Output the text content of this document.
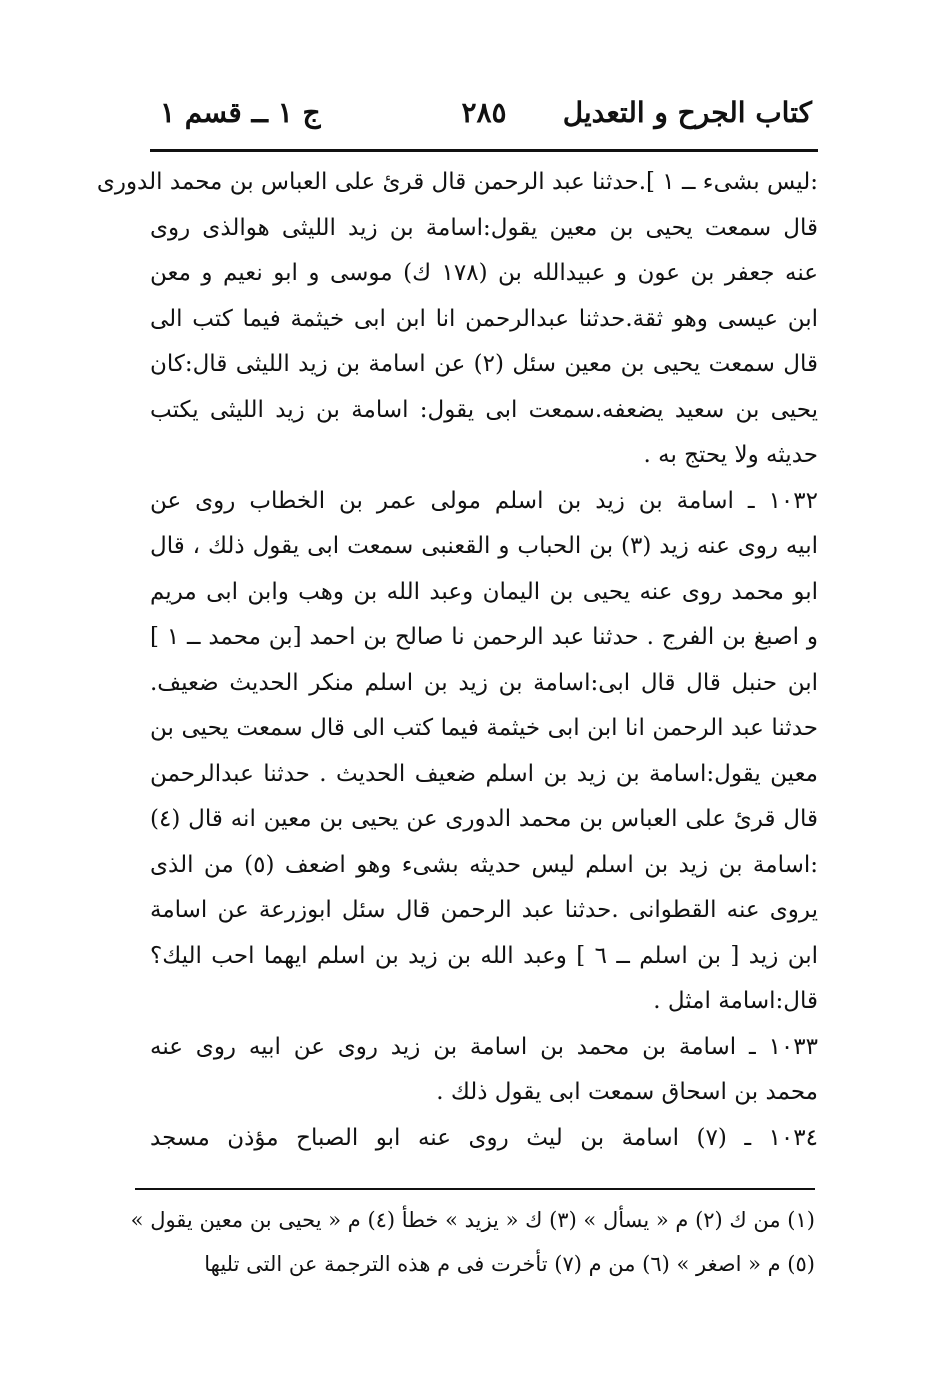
كتاب الجرح و التعديل
٢٨٥
ج ١ ــ قسم ١
:ليس بشىء ــ ١ ].حدثنا عبد الرحمن قال قرئ على العباس بن محمد الدورى
قال سمعت يحيى بن معين يقول:اسامة بن زيد الليثى هوالذى روى
عنه جعفر بن عون و عبيدالله بن (١٧٨ ك) موسى و ابو نعيم و معن
ابن عيسى وهو ثقة.حدثنا عبدالرحمن انا ابن ابى خيثمة فيما كتب الى
قال سمعت يحيى بن معين سئل (٢) عن اسامة بن زيد الليثى قال:كان
يحيى بن سعيد يضعفه.سمعت ابى يقول: اسامة بن زيد الليثى يكتب
حديثه ولا يحتج به .
١٠٣٢ ـ اسامة بن زيد بن اسلم مولى عمر بن الخطاب روى عن
ابيه روى عنه زيد (٣) بن الحباب و القعنبى سمعت ابى يقول ذلك ، قال
ابو محمد روى عنه يحيى بن اليمان وعبد الله بن وهب وابن ابى مريم
و اصبغ بن الفرج . حدثنا عبد الرحمن نا صالح بن احمد [بن محمد ــ ١ ]
ابن حنبل قال قال ابى:اسامة بن زيد بن اسلم منكر الحديث ضعيف.
حدثنا عبد الرحمن انا ابن ابى خيثمة فيما كتب الى قال سمعت يحيى بن
معين يقول:اسامة بن زيد بن اسلم ضعيف الحديث . حدثنا عبدالرحمن
قال قرئ على العباس بن محمد الدورى عن يحيى بن معين انه قال (٤)
:اسامة بن زيد بن اسلم ليس حديثه بشىء وهو اضعف (٥) من الذى
يروى عنه القطوانى .حدثنا عبد الرحمن قال سئل ابوزرعة عن اسامة
ابن زيد [ بن اسلم ــ ٦ ] وعبد الله بن زيد بن اسلم ايهما احب اليك؟
قال:اسامة امثل .
١٠٣٣ ـ اسامة بن محمد بن اسامة بن زيد روى عن ابيه روى عنه
محمد بن اسحاق سمعت ابى يقول ذلك .
١٠٣٤ ـ (٧) اسامة بن ليث روى عنه ابو الصباح مؤذن مسجد
(١) من ك (٢) م « يسأل » (٣) ك « يزيد » خطأ (٤) م « يحيى بن معين يقول »
(٥) م « اصغر » (٦) من م (٧) تأخرت فى م هذه الترجمة عن التى تليها
